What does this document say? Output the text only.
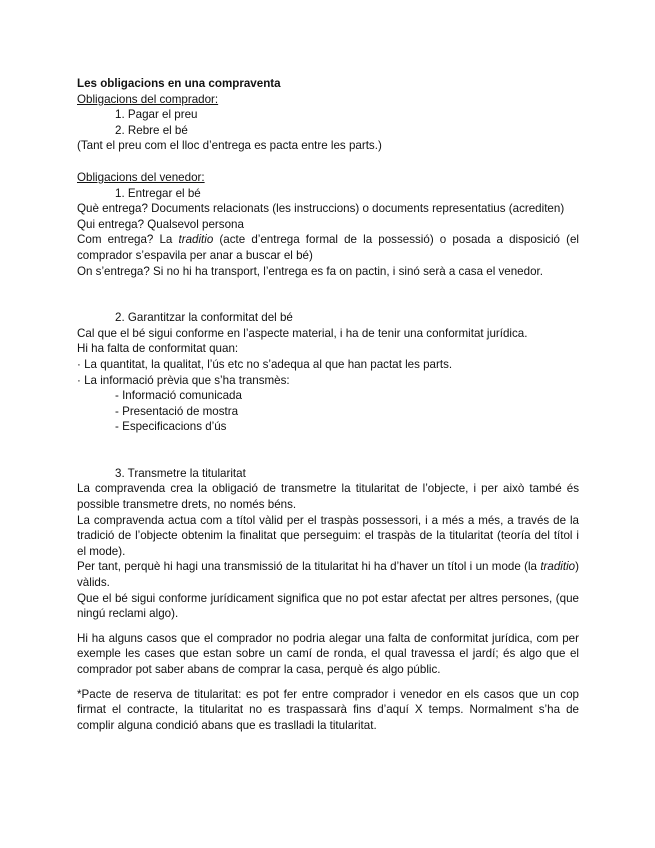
Les obligacions en una compraventa
Obligacions del comprador:
1. Pagar el preu
2. Rebre el bé
(Tant el preu com el lloc d’entrega es pacta entre les parts.)
Obligacions del venedor:
1. Entregar el bé
Què entrega? Documents relacionats (les instruccions) o documents representatius (acrediten)
Qui entrega? Qualsevol persona
Com entrega? La traditio (acte d’entrega formal de la possessió) o posada a disposició (el comprador s’espavila per anar a buscar el bé)
On s’entrega? Si no hi ha transport, l’entrega es fa on pactin, i sinó serà a casa el venedor.
2. Garantitzar la conformitat del bé
Cal que el bé sigui conforme en l’aspecte material, i ha de tenir una conformitat jurídica.
Hi ha falta de conformitat quan:
· La quantitat, la qualitat, l’ús etc no s’adequa al que han pactat les parts.
· La informació prèvia que s’ha transmès:
- Informació comunicada
- Presentació de mostra
- Especificacions d’ús
3. Transmetre la titularitat
La compravenda crea la obligació de transmetre la titularitat de l’objecte, i per això també és possible transmetre drets, no només béns.
La compravenda actua com a títol vàlid per el traspàs possessori, i a més a més, a través de la tradició de l’objecte obtenim la finalitat que perseguim: el traspàs de la titularitat (teoría del títol i el mode).
Per tant, perquè hi hagi una transmissió de la titularitat hi ha d’haver un títol i un mode (la traditio) vàlids.
Que el bé sigui conforme jurídicament significa que no pot estar afectat per altres persones, (que ningú reclami algo).
Hi ha alguns casos que el comprador no podria alegar una falta de conformitat jurídica, com per exemple les cases que estan sobre un camí de ronda, el qual travessa el jardí; és algo que el comprador pot saber abans de comprar la casa, perquè és algo públic.
*Pacte de reserva de titularitat: es pot fer entre comprador i venedor en els casos que un cop firmat el contracte, la titularitat no es traspassarà fins d’aquí X temps. Normalment s’ha de complir alguna condició abans que es traslladi la titularitat.
